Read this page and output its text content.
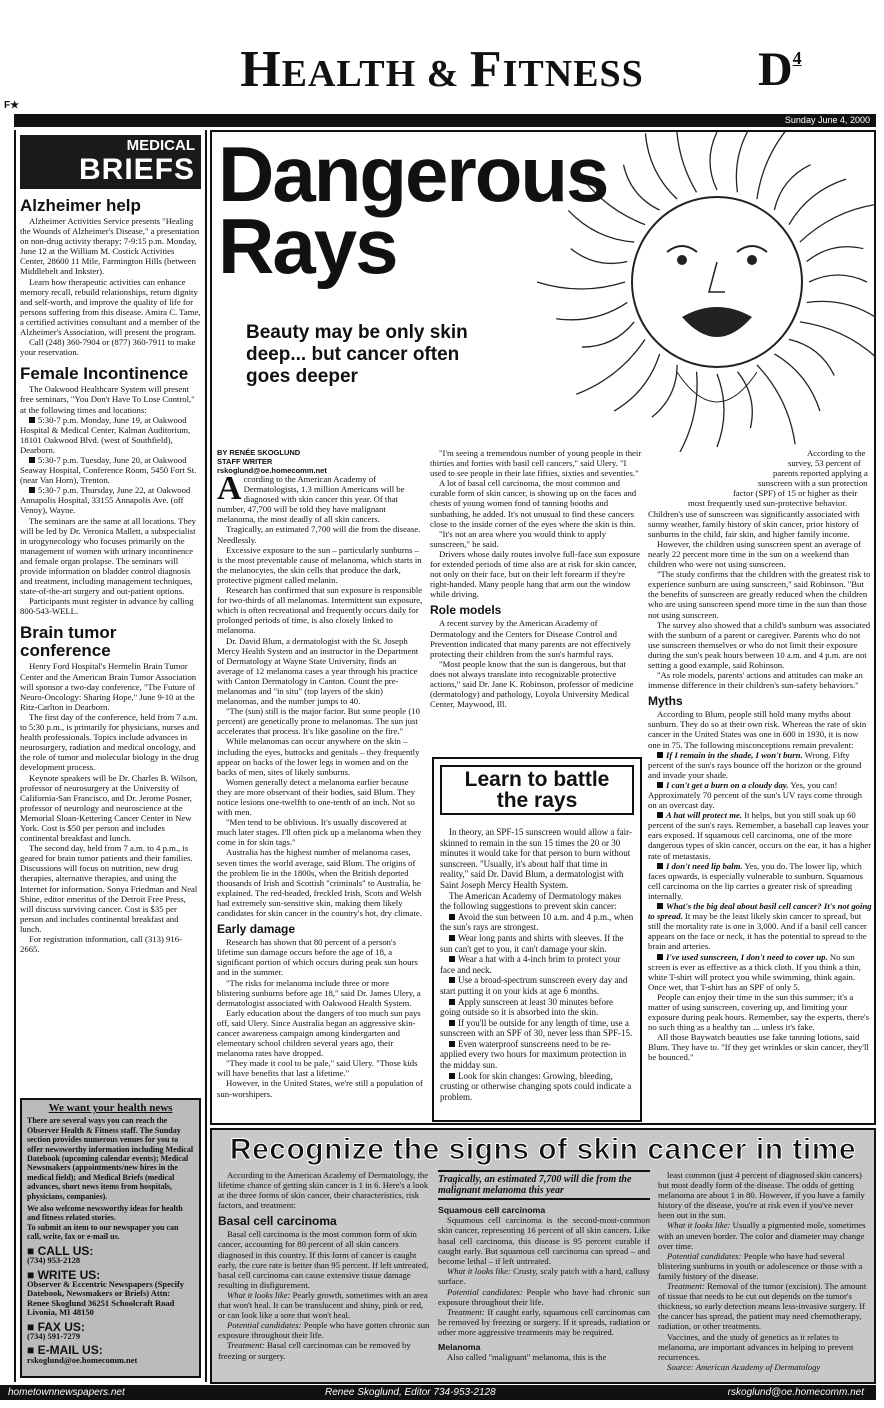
HEALTH & FITNESS	$D^4$
F★
Sunday June 4, 2000
MEDICAL
BRIEFS
Alzheimer help

Alzheimer Activities Service presents "Healing the Wounds of Alzheimer's Disease," a presentation on non-drug activity therapy; 7-9:15 p.m. Monday, June 12 at the William M. Costick Activities Center, 28600 11 Mile, Farmington Hills (between Middlebelt and Inkster).

Learn how therapeutic activities can enhance memory recall, rebuild relationships, return dignity and self-worth, and improve the quality of life for persons suffering from this disease. Amira C. Tame, a certified activities consultant and a member of the Alzheimer's Association, will present the program.

Call (248) 360-7904 or (877) 360-7911 to make your reservation.

Female Incontinence

The Oakwood Healthcare System will present free seminars, "You Don't Have To Lose Control," at the following times and locations:

5:30-7 p.m. Monday, June 19, at Oakwood Hospital & Medical Center, Kalman Auditorium, 18101 Oakwood Blvd. (west of Southfield), Dearborn.

5:30-7 p.m. Tuesday, June 20, at Oakwood Seaway Hospital, Conference Room, 5450 Fort St. (near Van Horn), Trenton.

5:30-7 p.m. Thursday, June 22, at Oakwood Annapolis Hospital, 33155 Annapolis Ave. (off Venoy), Wayne.

The seminars are the same at all locations. They will be led by Dr. Veronica Mallett, a subspecialist in urogynecology who focuses primarily on the management of women with urinary incontinence and female organ prolapse. The seminars will provide information on bladder control diagnosis and treatment, including management techniques, state-of-the-art surgery and out-patient options.

Participants must register in advance by calling 800-543-WELL.

Brain tumor conference

Henry Ford Hospital's Hermelin Brain Tumor Center and the American Brain Tumor Association will sponsor a two-day conference, "The Future of Neuro-Oncology: Sharing Hope," June 9-10 at the Ritz-Carlton in Dearborn.

The first day of the conference, held from 7 a.m. to 5:30 p.m., is primarily for physicians, nurses and health professionals. Topics include advances in neurosurgery, radiation and medical oncology, and the role of tumor and molecular biology in the drug development process.

Keynote speakers will be Dr. Charles B. Wilson, professor of neurosurgery at the University of California-San Francisco, and Dr. Jerome Posner, professor of neurology and neuroscience at the Memorial Sloan-Kettering Cancer Center in New York. Cost is $50 per person and includes continental breakfast and lunch.

The second day, held from 7 a.m. to 4 p.m., is geared for brain tumor patients and their families. Discussions will focus on nutrition, new drug therapies, alternative therapies, and using the Internet for information. Sonya Friedman and Neal Shine, editor emeritus of the Detroit Free Press, will discuss surviving cancer. Cost is $35 per person and includes continental breakfast and lunch.

For registration information, call (313) 916-2665.

We want your health news
There are several ways you can reach the Observer Health & Fitness staff. The Sunday section provides numerous venues for you to offer newsworthy information including Medical Datebook (upcoming calendar events); Medical Newsmakers (appointments/new hires in the medical field); and Medical Briefs (medical advances, short news items from hospitals, physicians, companies).
We also welcome newsworthy ideas for health and fitness related stories.
To submit an item to our newspaper you can call, write, fax or e-mail us.
■ CALL US:
(734) 953-2128
■ WRITE US:
Observer & Eccentric Newspapers (Specify Datebook, Newsmakers or Briefs) Attn: Renee Skoglund 36251 Schoolcraft Road Livonia, MI 48150
■ FAX US:
(734) 591-7279
■ E-MAIL US:
rskoglund@oe.homecomm.net
Dangerous
Rays
Beauty may be only skin deep... but cancer often goes deeper
BY RENÉE SKOGLUND
STAFF WRITER
rskoglund@oe.homecomm.net

According to the American Academy of Dermatologists, 1.3 million Americans will be diagnosed with skin cancer this year. Of that number, 47,700 will be told they have malignant melanoma, the most deadly of all skin cancers.

Tragically, an estimated 7,700 will die from the disease. Needlessly.

Excessive exposure to the sun – particularly sunburns – is the most preventable cause of melanoma, which starts in the melanocytes, the skin cells that produce the dark, protective pigment called melanin.

Research has confirmed that sun exposure is responsible for two-thirds of all melanomas. Intermittent sun exposure, which is often recreational and frequently occurs daily for prolonged periods of time, is also closely linked to melanoma.

Dr. David Blum, a dermatologist with the St. Joseph Mercy Health System and an instructor in the Department of Dermatology at Wayne State University, finds an average of 12 melanoma cases a year through his practice with Canton Dermatology in Canton. Count the pre-melanomas and "in situ" (top layers of the skin) melanomas, and the number jumps to 40.

"The (sun) still is the major factor. But some people (10 percent) are genetically prone to melanomas. The sun just accelerates that process. It's like gasoline on the fire."

While melanomas can occur anywhere on the skin – including the eyes, buttocks and genitals – they frequently appear on backs of the lower legs in women and on the backs of men, sites of likely sunburns.

Women generally detect a melanoma earlier because they are more observant of their bodies, said Blum. They notice lesions one-twelfth to one-tenth of an inch. Not so with men.

"Men tend to be oblivious. It's usually discovered at much later stages. I'll often pick up a melanoma when they come in for skin tags."

Australia has the highest number of melanoma cases, seven times the world average, said Blum. The origins of the problem lie in the 1800s, when the British deported thousands of Irish and Scottish "criminals" to Australia, he explained. The red-headed, freckled Irish, Scots and Welsh had extremely sun-sensitive skin, making them likely candidates for skin cancer in the country's hot, dry climate.

Early damage

Research has shown that 80 percent of a person's lifetime sun damage occurs before the age of 18, a significant portion of which occurs during peak sun hours and in the summer.

"The risks for melanoma include three or more blistering sunburns before age 18," said Dr. James Ulery, a dermatologist associated with Oakwood Health System.

Early education about the dangers of too much sun pays off, said Ulery. Since Australia began an aggressive skin-cancer awareness campaign among kindergarten and elementary school children several years ago, their melanoma rates have dropped.

"They made it cool to be pale," said Ulery. "Those kids will have benefits that last a lifetime."

However, in the United States, we're still a population of sun-worshipers.

"I'm seeing a tremendous number of young people in their thirties and forties with basil cell cancers," said Ulery. "I used to see people in their late fifties, sixties and seventies."

A lot of basal cell carcinoma, the most common and curable form of skin cancer, is showing up on the faces and chests of young women fond of tanning booths and sunbathing, he added. It's not unusual to find these cancers close to the inside corner of the eyes where the skin is thin.

"It's not an area where you would think to apply sunscreen," he said.

Drivers whose daily routes involve full-face sun exposure for extended periods of time also are at risk for skin cancer, not only on their face, but on their left forearm if they're right-handed. Many people hang that arm out the window while driving.

Role models

A recent survey by the American Academy of Dermatology and the Centers for Disease Control and Prevention indicated that many parents are not effectively protecting their children from the sun's harmful rays.

"Most people know that the sun is dangerous, but that does not always translate into recognizable protective actions," said Dr. Jane K. Robinson, professor of medicine (dermatology) and pathology, Loyola University Medical Center, Maywood, Ill.

According to the survey, 53 percent of parents reported applying a sunscreen with a sun protection factor (SPF) of 15 or higher as their most frequently used sun-protective behavior. Children's use of sunscreen was significantly associated with sunny weather, family history of skin cancer, prior history of sunburns in the child, fair skin, and higher family income.

However, the children using sunscreen spent an average of nearly 22 percent more time in the sun on a weekend than children who were not using sunscreen.

"The study confirms that the children with the greatest risk to experience sunburn are using sunscreen," said Robinson. "But the benefits of sunscreen are greatly reduced when the children who are using sunscreen spend more time in the sun than those not using sunscreen.

The survey also showed that a child's sunburn was associated with the sunburn of a parent or caregiver. Parents who do not use sunscreen themselves or who do not limit their exposure during the sun's peak hours between 10 a.m. and 4 p.m. are not setting a good example, said Robinson.

"As role models, parents' actions and attitudes can make an immense difference in their children's sun-safety behaviors."

Myths

According to Blum, people still hold many myths about sunburn. They do so at their own risk. Whereas the rate of skin cancer in the United States was one in 600 in 1930, it is now one in 75. The following misconceptions remain prevalent:

If I remain in the shade, I won't burn. Wrong. Fifty percent of the sun's rays bounce off the horizon or the ground and invade your shade.

I can't get a burn on a cloudy day. Yes, you can! Approximately 70 percent of the sun's UV rays come through on an overcast day.

A hat will protect me. It helps, but you still soak up 60 percent of the sun's rays. Remember, a baseball cap leaves your ears exposed. If squamous cell carcinoma, one of the more dangerous types of skin cancer, occurs on the ear, it has a higher rate of metastasis.

I don't need lip balm. Yes, you do. The lower lip, which faces upwards, is especially vulnerable to sunburn. Squamous cell carcinoma on the lip carries a greater risk of spreading internally.

What's the big deal about basil cell cancer? It's not going to spread. It may be the least likely skin cancer to spread, but still the mortality rate is one in 3,000. And if a basil cell cancer appears on the face or neck, it has the potential to spread to the brain and arteries.

I've used sunscreen, I don't need to cover up. No sun screen is ever as effective as a thick cloth. If you think a thin, white T-shirt will protect you while swimming, think again. Once wet, that T-shirt has an SPF of only 5.

People can enjoy their time in the sun this summer; it's a matter of using sunscreen, covering up, and limiting your exposure during peak hours. Remember, say the experts, there's no such thing as a healthy tan ... unless it's fake.

All those Baywatch beauties use fake tanning lotions, said Blum. They have to. "If they get wrinkles or skin cancer, they'll be bounced."

Learn to battle the rays

In theory, an SPF-15 sunscreen would allow a fair-skinned to remain in the sun 15 times the 20 or 30 minutes it would take for that person to burn without sunscreen. "Usually, it's about half that time in reality," said Dr. David Blum, a dermatologist with Saint Joseph Mercy Health System.

The American Academy of Dermatology makes the following suggestions to prevent skin cancer:

Avoid the sun between 10 a.m. and 4 p.m., when the sun's rays are strongest.

Wear long pants and shirts with sleeves. If the sun can't get to you, it can't damage your skin.

Wear a hat with a 4-inch brim to protect your face and neck.

Use a broad-spectrum sunscreen every day and start putting it on your kids at age 6 months.

Apply sunscreen at least 30 minutes before going outside so it is absorbed into the skin.

If you'll be outside for any length of time, use a sunscreen with an SPF of 30, never less than SPF-15.

Even waterproof sunscreens need to be re-applied every two hours for maximum protection in the midday sun.

Look for skin changes: Growing, bleeding, crusting or otherwise changing spots could indicate a problem.

Recognize the signs of skin cancer in time

According to the American Academy of Dermatology, the lifetime chance of getting skin cancer is 1 in 6. Here's a look at the three forms of skin cancer, their characteristics, risk factors, and treatment:

Basal cell carcinoma

Basal cell carcinoma is the most common form of skin cancer, accounting for 80 percent of all skin cancers diagnosed in this country. If this form of cancer is caught early, the cure rate is better than 95 percent. If left untreated, basal cell carcinoma can cause extensive tissue damage resulting in disfigurement.

What it looks like: Pearly growth, sometimes with an area that won't heal. It can be translucent and shiny, pink or red, or can look like a sore that won't heal.

Potential candidates: People who have gotten chronic sun exposure throughout their life.

Treatment: Basal cell carcinomas can be removed by freezing or surgery.

Tragically, an estimated 7,700 will die from the malignant melanoma this year

Squamous cell carcinoma

Squamous cell carcinoma is the second-most-common skin cancer, representing 16 percent of all skin cancers. Like basal cell carcinoma, this disease is 95 percent curable if caught early. But squamous cell carcinoma can spread – and become lethal – if left untreated.

What it looks like: Crusty, scaly patch with a hard, callusy surface.

Potential candidates: People who have had chronic sun exposure throughout their life.

Treatment: If caught early, squamous cell carcinomas can be removed by freezing or surgery. If it spreads, radiation or other more aggressive treatments may be required.

Melanoma

Also called "malignant" melanoma, this is the

least common (just 4 percent of diagnosed skin cancers) but most deadly form of the disease. The odds of getting melanoma are about 1 in 80. However, if you have a family history of the disease, you're at risk even if you've never been out in the sun.

What it looks like: Usually a pigmented mole, sometimes with an uneven border. The color and diameter may change over time.

Potential candidates: People who have had several blistering sunburns in youth or adolescence or those with a family history of the disease.

Treatment: Removal of the tumor (excision). The amount of tissue that needs to be cut out depends on the tumor's thickness, so early detection means less-invasive surgery. If the cancer has spread, the patient may need chemotherapy, radiation, or other treatments.

Vaccines, and the study of genetics as it relates to melanoma, are important advances in helping to prevent recurrences.

Source: American Academy of Dermatology

hometownnewspapers.net	Renee Skoglund, Editor 734-953-2128	rskoglund@oe.homecomm.net
